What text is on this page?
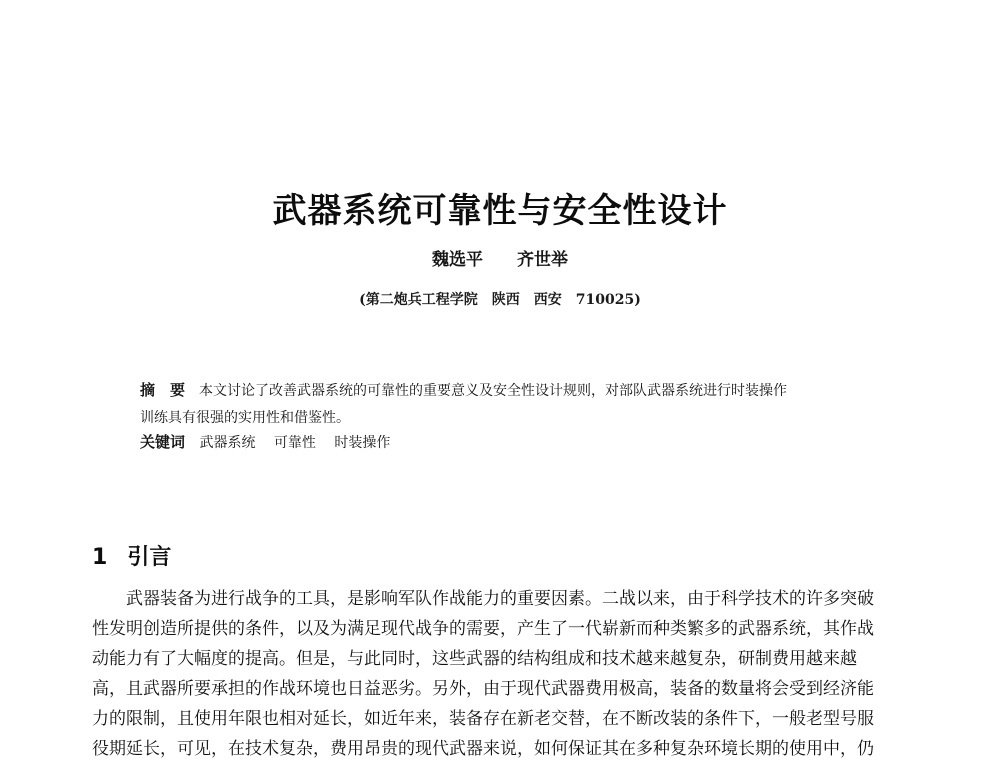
武器系统可靠性与安全性设计
魏选平 齐世举
(第二炮兵工程学院　陕西　西安　710025)
摘　要 本文讨论了改善武器系统的可靠性的重要意义及安全性设计规则，对部队武器系统进行时装操作
训练具有很强的实用性和借鉴性。
关键词 武器系统 可靠性 时装操作
1 引言
武器装备为进行战争的工具，是影响军队作战能力的重要因素。二战以来，由于科学技术的许多突破
性发明创造所提供的条件，以及为满足现代战争的需要，产生了一代崭新而种类繁多的武器系统，其作战
动能力有了大幅度的提高。但是，与此同时，这些武器的结构组成和技术越来越复杂，研制费用越来越
高，且武器所要承担的作战环境也日益恶劣。另外，由于现代武器费用极高，装备的数量将会受到经济能
力的限制，且使用年限也相对延长，如近年来，装备存在新老交替，在不断改装的条件下，一般老型号服
役期延长，可见，在技术复杂，费用昂贵的现代武器来说，如何保证其在多种复杂环境长期的使用中，仍
